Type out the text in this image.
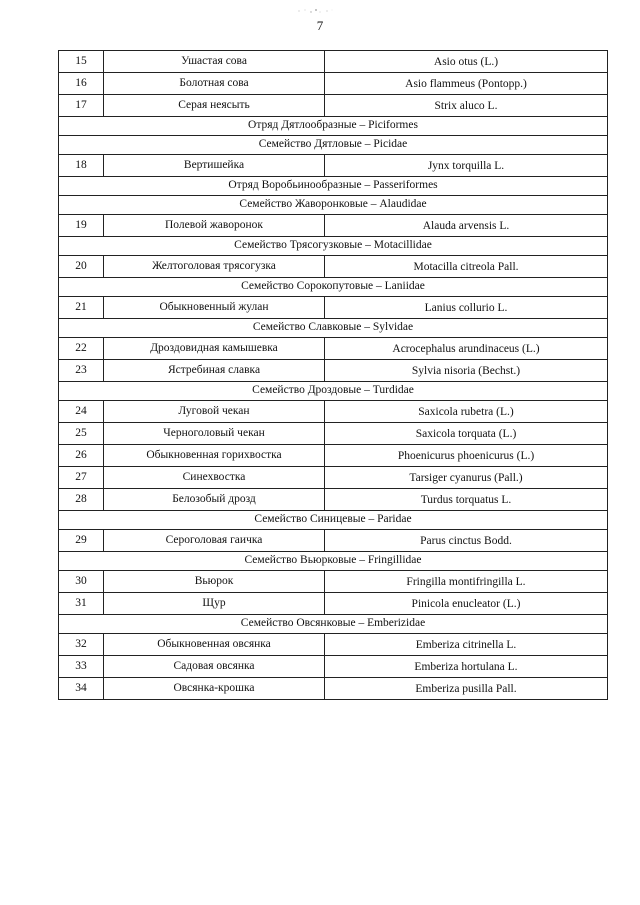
7
15	Ушастая сова	Asio otus (L.)
16	Болотная сова	Asio flammeus (Pontopp.)
17	Серая неясыть	Strix aluco L.
Отряд Дятлообразные – Piciformes		
Семейство Дятловые – Picidae		
18	Вертишейка	Jynx torquilla L.
Отряд Воробьинообразные – Passeriformes		
Семейство Жаворонковые – Alaudidae		
19	Полевой жаворонок	Alauda arvensis L.
Семейство Трясогузковые – Motacillidae		
20	Желтоголовая трясогузка	Motacilla citreola Pall.
Семейство Сорокопутовые – Laniidae		
21	Обыкновенный жулан	Lanius collurio L.
Семейство Славковые – Sylvidae		
22	Дроздовидная камышевка	Acrocephalus arundinaceus (L.)
23	Ястребиная славка	Sylvia nisoria (Bechst.)
Семейство Дроздовые – Turdidae		
24	Луговой чекан	Saxicola rubetra (L.)
25	Черноголовый чекан	Saxicola torquata (L.)
26	Обыкновенная горихвостка	Phoenicurus phoenicurus (L.)
27	Синехвостка	Tarsiger cyanurus (Pall.)
28	Белозобый дрозд	Turdus torquatus L.
Семейство Синицевые – Paridae		
29	Сероголовая гаичка	Parus cinctus Bodd.
Семейство Вьюрковые – Fringillidae		
30	Вьюрок	Fringilla montifringilla L.
31	Щур	Pinicola enucleator (L.)
Семейство Овсянковые – Emberizidae		
32	Обыкновенная овсянка	Emberiza citrinella L.
33	Садовая овсянка	Emberiza hortulana L.
34	Овсянка-крошка	Emberiza pusilla Pall.
